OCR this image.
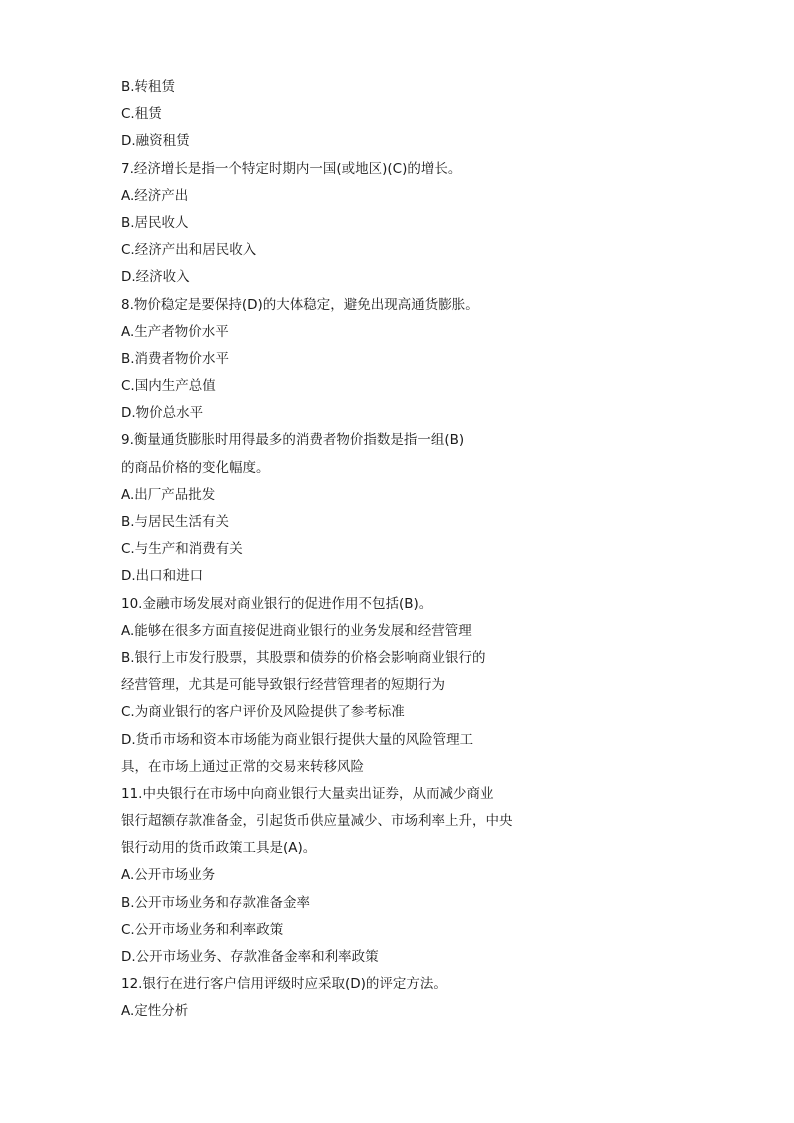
B.转租赁
C.租赁
D.融资租赁
7.经济增长是指一个特定时期内一国(或地区)(C)的增长。
A.经济产出
B.居民收人
C.经济产出和居民收入
D.经济收入
8.物价稳定是要保持(D)的大体稳定，避免出现高通货膨胀。
A.生产者物价水平
B.消费者物价水平
C.国内生产总值
D.物价总水平
9.衡量通货膨胀时用得最多的消费者物价指数是指一组(B)
的商品价格的变化幅度。
A.出厂产品批发
B.与居民生活有关
C.与生产和消费有关
D.出口和进口
10.金融市场发展对商业银行的促进作用不包括(B)。
A.能够在很多方面直接促进商业银行的业务发展和经营管理
B.银行上市发行股票，其股票和债券的价格会影响商业银行的
经营管理，尤其是可能导致银行经营管理者的短期行为
C.为商业银行的客户评价及风险提供了参考标准
D.货币市场和资本市场能为商业银行提供大量的风险管理工
具，在市场上通过正常的交易来转移风险
11.中央银行在市场中向商业银行大量卖出证券，从而减少商业
银行超额存款准备金，引起货币供应量减少、市场利率上升，中央
银行动用的货币政策工具是(A)。
A.公开市场业务
B.公开市场业务和存款准备金率
C.公开市场业务和利率政策
D.公开市场业务、存款准备金率和利率政策
12.银行在进行客户信用评级时应采取(D)的评定方法。
A.定性分析
